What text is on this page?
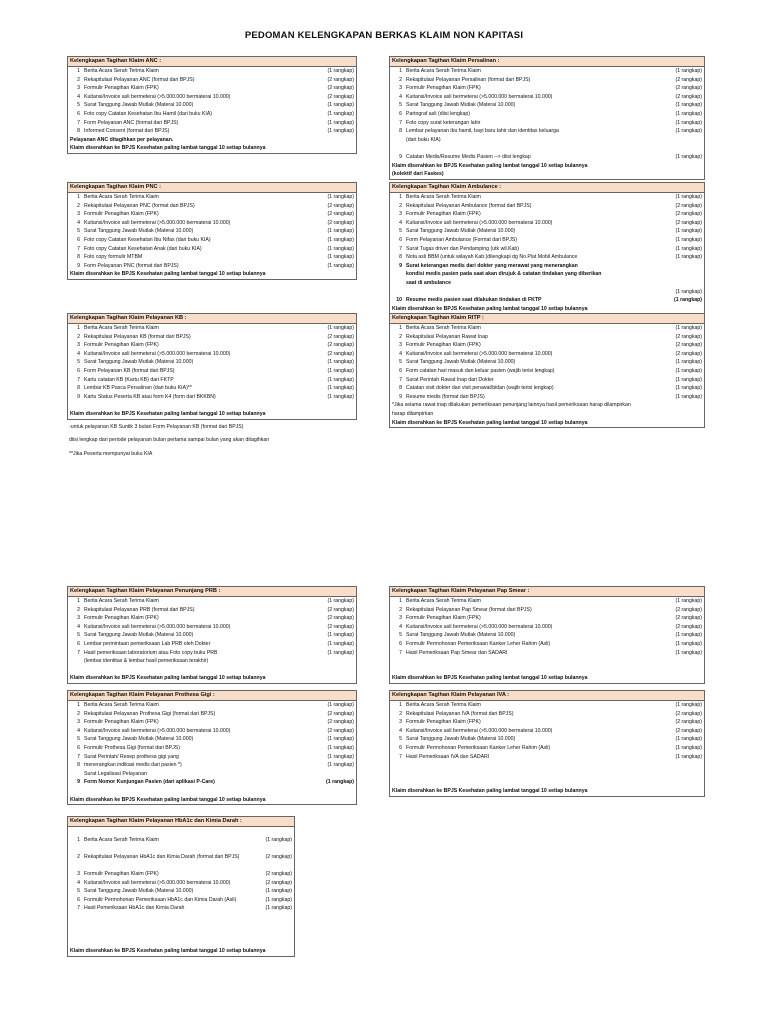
PEDOMAN KELENGKAPAN BERKAS KLAIM NON KAPITASI
Kelengkapan Tagihan Klaim ANC :
1 Berita Acara Serah Terima Klaim	(1 rangkap)
2 Rekapitulasi Pelayanan ANC (format dari BPJS)	(2 rangkap)
3 Formulir Penagihan Klaim (FPK)	(2 rangkap)
4 Kuitansi/Invoice asli bermeterai (>5.000.000 bermaterai 10.000)	(2 rangkap)
5 Surat Tanggung Jawab Mutlak (Materai 10.000)	(1 rangkap)
6 Foto copy Catatan Kesehatan Ibu Hamil (dari buku KIA)	(1 rangkap)
7 Form Pelayanan ANC (format dari BPJS)	(1 rangkap)
8 Informed Consent (format dari BPJS)	(1 rangkap)
Pelayanan ANC ditagihkan per pelayanan.
Klaim diserahkan ke BPJS Kesehatan paling lambat tanggal 10 setiap bulannya
Kelengkapan Tagihan Klaim Persalinan :
1 Berita Acara Serah Terima Klaim	(1 rangkap)
2 Rekapitulasi Pelayanan Persalinan (format dari BPJS)	(2 rangkap)
3 Formulir Penagihan Klaim (FPK)	(2 rangkap)
4 Kuitansi/Invoice asli bermeterai (>5.000.000 bermaterai 10.000)	(2 rangkap)
5 Surat Tanggung Jawab Mutlak (Materai 10.000)	(1 rangkap)
6 Partograf asli (diisi lengkap)	(1 rangkap)
7 Foto copy surat keterangan lahir	(1 rangkap)
8 Lembar pelayanan ibu hamil, bayi baru lahir dan identitas keluarga	(1 rangkap)

(dari buku KIA)

9 Catatan Medis/Resume Medis Pasien --> diisi lengkap	(1 rangkap)
Klaim diserahkan ke BPJS Kesehatan paling lambat tanggal 10 setiap bulannya
(kolektif dari Faskes)
Kelengkapan Tagihan Klaim PNC :
1 Berita Acara Serah Terima Klaim	(1 rangkap)
2 Rekapitulasi Pelayanan PNC (format dari BPJS)	(2 rangkap)
3 Formulir Penagihan Klaim (FPK)	(2 rangkap)
4 Kuitansi/Invoice asli bermeterai (>5.000.000 bermaterai 10.000)	(2 rangkap)
5 Surat Tanggung Jawab Mutlak (Materai 10.000)	(1 rangkap)
6 Foto copy Catatan Kesehatan Ibu Nifas (dari buku KIA)	(1 rangkap)
7 Foto copy Catatan Kesehatan Anak (dari buku KIA)	(1 rangkap)
8 Foto copy formulir MTBM	(1 rangkap)
9 Form Pelayanan PNC (format dari BPJS)	(1 rangkap)
Klaim diserahkan ke BPJS Kesehatan paling lambat tanggal 10 setiap bulannya
Kelengkapan Tagihan Klaim Ambulance :
1 Berita Acara Serah Terima Klaim	(1 rangkap)
2 Rekapitulasi Pelayanan Ambulance (format dari BPJS)	(2 rangkap)
3 Formulir Penagihan Klaim (FPK)	(2 rangkap)
4 Kuitansi/Invoice asli bermeterai (>5.000.000 bermaterai 10.000)	(2 rangkap)
5 Surat Tanggung Jawab Mutlak (Materai 10.000)	(1 rangkap)
6 Form Pelayanan Ambulance (Format dari BPJS)	(1 rangkap)
7 Surat Tugas driver dan Pendamping (utk wil.Kab)	(1 rangkap)
8 Nota asli BBM (untuk wilayah Kab.)dilengkapi dg No.Plat Mobil Ambulance	(1 rangkap)
9 Surat keterangan medis dari dokter yang merawat yang menerangkan

kondisi medis pasien pada saat akan dirujuk & catatan tindakan yang diberikan

saat di ambulance

(1 rangkap)
10 Resume medis pasien saat dilakukan tindakan di FKTP	(1 rangkap)
Klaim diserahkan ke BPJS Kesehatan paling lambat tanggal 10 setiap bulannya
Kelengkapan Tagihan Klaim Pelayanan KB :
1 Berita Acara Serah Terima Klaim	(1 rangkap)
2 Rekapitulasi Pelayanan KB (format dari BPJS)	(2 rangkap)
3 Formulir Penagihan Klaim (FPK)	(2 rangkap)
4 Kuitansi/Invoice asli bermeterai (>5.000.000 bermaterai 10.000)	(2 rangkap)
5 Surat Tanggung Jawab Mutlak (Materai 10.000)	(1 rangkap)
6 Form Pelayanan KB (format dari BPJS)	(1 rangkap)
7 Kartu catatan KB (Kartu KB) dari FKTP	(1 rangkap)
8 Lembar KB Pasca Persalinan (dari buku KIA)**	(1 rangkap)
9 Kartu Status Peserta KB atau form K4 (form dari BKKBN)	(1 rangkap)

Klaim diserahkan ke BPJS Kesehatan paling lambat tanggal 10 setiap bulannya
Kelengkapan Tagihan Klaim RITP :
1 Berita Acara Serah Terima Klaim	(1 rangkap)
2 Rekapitulasi Pelayanan Rawat Inap	(2 rangkap)
3 Formulir Penagihan Klaim (FPK)	(2 rangkap)
4 Kuitansi/Invoice asli bermeterai (>5.000.000 bermaterai 10.000)	(2 rangkap)
5 Surat Tanggung Jawab Mutlak (Materai 10.000)	(1 rangkap)
6 Form catatan hari masuk dan keluar pasien (wajib terisi lengkap)	(1 rangkap)
7 Surat Perintah Rawat Inap dari Dokter	(1 rangkap)
8 Catatan visit dokter dan visit perawat/bidan (wajib terisi lengkap)	(1 rangkap)
9 Resume medis (format dari BPJS)	(1 rangkap)
*Jika selama rawat inap dilakukan pemeriksaan penunjang lainnya hasil pemeriksaan harap dilampirkan
harap dilampirkan
Klaim diserahkan ke BPJS Kesehatan paling lambat tanggal 10 setiap bulannya
Kelengkapan Tagihan Klaim Pelayanan Penunjang PRB :
1 Berita Acara Serah Terima Klaim	(1 rangkap)
2 Rekapitulasi Pelayanan PRB (format dari BPJS)	(2 rangkap)
3 Formulir Penagihan Klaim (FPK)	(2 rangkap)
4 Kuitansi/Invoice asli bermeterai (>5.000.000 bermaterai 10.000)	(2 rangkap)
5 Surat Tanggung Jawab Mutlak (Materai 10.000)	(1 rangkap)
6 Lembar permintaan pemeriksaan Lab PRB oleh Dokter	(1 rangkap)
7 Hasil pemeriksaan laboratorium atau Foto copy buku PRB	(1 rangkap)

(lembar identitas & lembar hasil pemeriksaan terakhir)

Klaim diserahkan ke BPJS Kesehatan paling lambat tanggal 10 setiap bulannya
Kelengkapan Tagihan Klaim Pelayanan Pap Smear :
1 Berita Acara Serah Terima Klaim	(1 rangkap)
2 Rekapitulasi Pelayanan Pap Smear (format dari BPJS)	(2 rangkap)
3 Formulir Penagihan Klaim (FPK)	(2 rangkap)
4 Kuitansi/Invoice asli bermeterai (>5.000.000 bermaterai 10.000)	(2 rangkap)
5 Surat Tanggung Jawab Mutlak (Materai 10.000)	(1 rangkap)
6 Formulir Permohonan Pemeriksaan Kanker Leher Rahim (Asli)	(1 rangkap)
7 Hasil Pemeriksaan Pap Smear dan SADARI	(1 rangkap)

Klaim diserahkan ke BPJS Kesehatan paling lambat tanggal 10 setiap bulannya
Kelengkapan Tagihan Klaim Pelayanan Prothesa Gigi :
1 Berita Acara Serah Terima Klaim	(1 rangkap)
2 Rekapitulasi Pelayanan Prothesa Gigi (format dari BPJS)	(2 rangkap)
3 Formulir Penagihan Klaim (FPK)	(2 rangkap)
4 Kuitansi/Invoice asli bermeterai (>5.000.000 bermaterai 10.000)	(2 rangkap)
5 Surat Tanggung Jawab Mutlak (Materai 10.000)	(1 rangkap)
6 Formulir Prothesa Gigi (format dari BPJS)	(1 rangkap)
7 Surat Perintah/ Resep prothesa gigi yang	(1 rangkap)
8 menerangkan indikasi medis dari pasien *)	(1 rangkap)

Surat Legalisasi Pelayanan

9 Form Nomor Kunjungan Pasien (dari aplikasi P-Care)	(1 rangkap)

Klaim diserahkan ke BPJS Kesehatan paling lambat tanggal 10 setiap bulannya
Kelengkapan Tagihan Klaim Pelayanan IVA :
1 Berita Acara Serah Terima Klaim	(1 rangkap)
2 Rekapitulasi Pelayanan IVA (format dari BPJS)	(2 rangkap)
3 Formulir Penagihan Klaim (FPK)	(2 rangkap)
4 Kuitansi/Invoice asli bermeterai (>5.000.000 bermaterai 10.000)	(2 rangkap)
5 Surat Tanggung Jawab Mutlak (Materai 10.000)	(1 rangkap)
6 Formulir Permohonan Pemeriksaan Kanker Leher Rahim (Asli)	(1 rangkap)
7 Hasil Pemeriksaan IVA dan SADARI	(1 rangkap)

Klaim diserahkan ke BPJS Kesehatan paling lambat tanggal 10 setiap bulannya
Kelengkapan Tagihan Klaim Pelayanan HbA1c dan Kimia Darah :

1 Berita Acara Serah Terima Klaim	(1 rangkap)

2 Rekapitulasi Pelayanan HbA1c dan Kimia Darah (format dari BPJS)	(2 rangkap)

3 Formulir Penagihan Klaim (FPK)	(2 rangkap)
4 Kuitansi/Invoice asli bermeterai (>5.000.000 bermaterai 10.000)	(2 rangkap)
5 Surat Tanggung Jawab Mutlak (Materai 10.000)	(1 rangkap)
6 Formulir Permohonan Pemeriksaan HbA1c dan Kimia Darah (Asli)	(1 rangkap)
7 Hasil Pemeriksaan HbA1c dan Kimia Darah	(1 rangkap)

Klaim diserahkan ke BPJS Kesehatan paling lambat tanggal 10 setiap bulannya
-untuk pelayanan KB Suntik 3 bulan Form Pelayanan KB (format dari BPJS)
diisi lengkap dari periode pelayanan bulan pertama sampai bulan yang akan ditagihkan
**Jika Peserta mempunyai buku KIA
